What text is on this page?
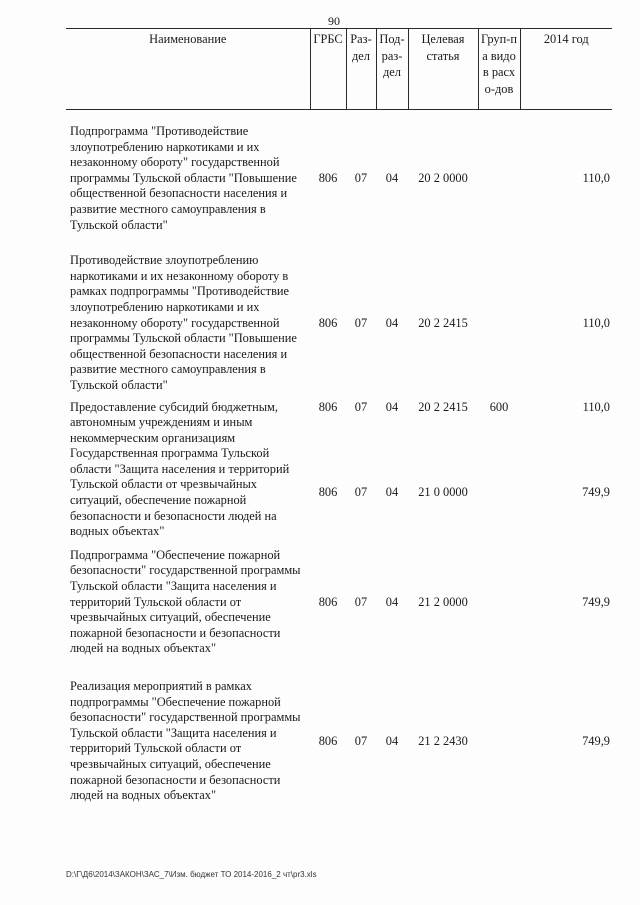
90
Наименование	ГРБС	Раз-дел	Под-раз-дел	Целевая статья	Груп-па видов расхо-дов	2014 год

Подпрограмма "Противодействие злоупотреблению наркотиками и их незаконному обороту" государственной программы Тульской области "Повышение общественной безопасности населения и развитие местного самоуправления в Тульской области"	806	07	04	20 2 0000		110,0

Противодействие злоупотреблению наркотиками и их незаконному обороту в рамках подпрограммы "Противодействие злоупотреблению наркотиками и их незаконному обороту" государственной программы Тульской области "Повышение общественной безопасности населения и развитие местного самоуправления в Тульской области"	806	07	04	20 2 2415		110,0

Предоставление субсидий бюджетным, автономным учреждениям и иным некоммерческим организациям	806	07	04	20 2 2415	600	110,0
Государственная программа Тульской области "Защита населения и территорий Тульской области от чрезвычайных ситуаций, обеспечение пожарной безопасности и безопасности людей на водных объектах"	806	07	04	21 0 0000		749,9

Подпрограмма "Обеспечение пожарной безопасности" государственной программы Тульской области "Защита населения и территорий Тульской области от чрезвычайных ситуаций, обеспечение пожарной безопасности и безопасности людей на водных объектах"	806	07	04	21 2 0000		749,9

Реализация мероприятий в рамках подпрограммы "Обеспечение пожарной безопасности" государственной программы Тульской области "Защита населения и территорий Тульской области от чрезвычайных ситуаций, обеспечение пожарной безопасности и безопасности людей на водных объектах"	806	07	04	21 2 2430		749,9
D:\Г\Д6\2014\ЗАКОН\ЗАС_7\Изм. бюджет ТО 2014-2016_2 чт\pr3.xls
